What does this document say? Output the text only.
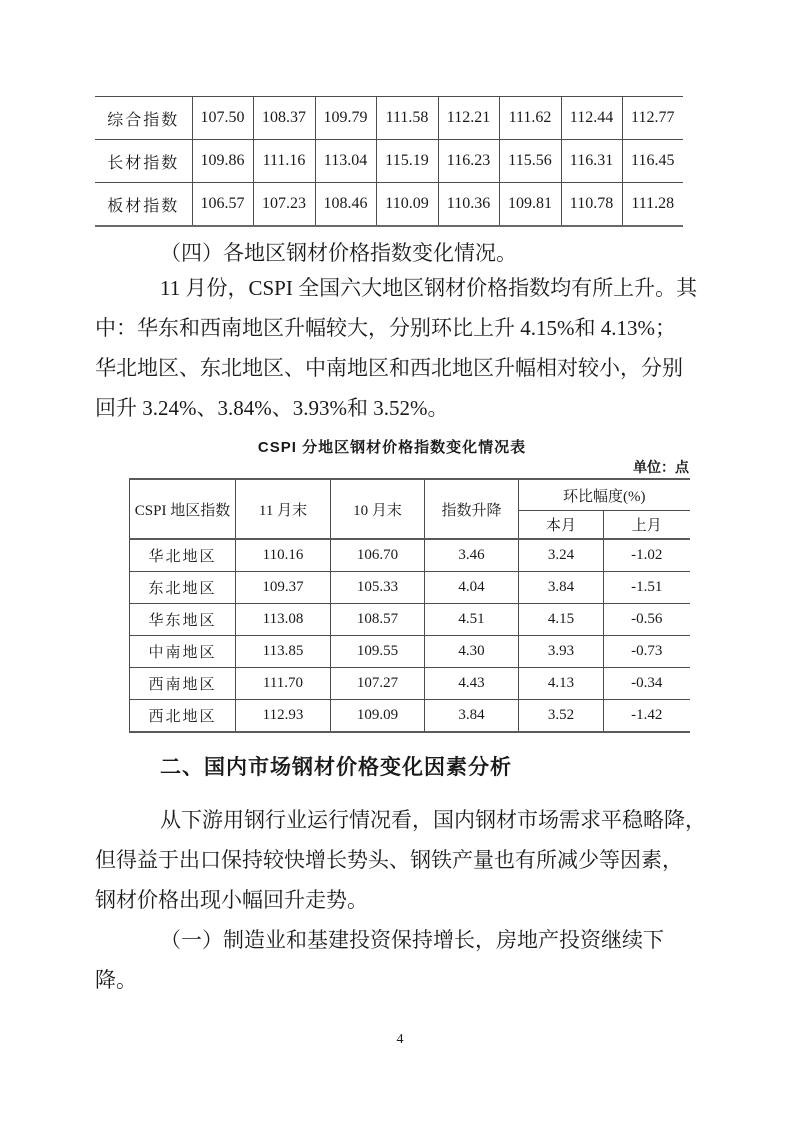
综合指数	107.50	108.37	109.79	111.58	112.21	111.62	112.44	112.77
长材指数	109.86	111.16	113.04	115.19	116.23	115.56	116.31	116.45
板材指数	106.57	107.23	108.46	110.09	110.36	109.81	110.78	111.28
（四）各地区钢材价格指数变化情况。
11 月份，CSPI 全国六大地区钢材价格指数均有所上升。其
中：华东和西南地区升幅较大，分别环比上升 4.15%和 4.13%；
华北地区、东北地区、中南地区和西北地区升幅相对较小，分别
回升 3.24%、3.84%、3.93%和 3.52%。
CSPI 分地区钢材价格指数变化情况表
单位：点
CSPI 地区指数	11 月末	10 月末	指数升降	环比幅度(%)	
				本月	上月
华北地区	110.16	106.70	3.46	3.24	-1.02
东北地区	109.37	105.33	4.04	3.84	-1.51
华东地区	113.08	108.57	4.51	4.15	-0.56
中南地区	113.85	109.55	4.30	3.93	-0.73
西南地区	111.70	107.27	4.43	4.13	-0.34
西北地区	112.93	109.09	3.84	3.52	-1.42
二、国内市场钢材价格变化因素分析
从下游用钢行业运行情况看，国内钢材市场需求平稳略降，
但得益于出口保持较快增长势头、钢铁产量也有所减少等因素，
钢材价格出现小幅回升走势。
（一）制造业和基建投资保持增长，房地产投资继续下
降。
4
